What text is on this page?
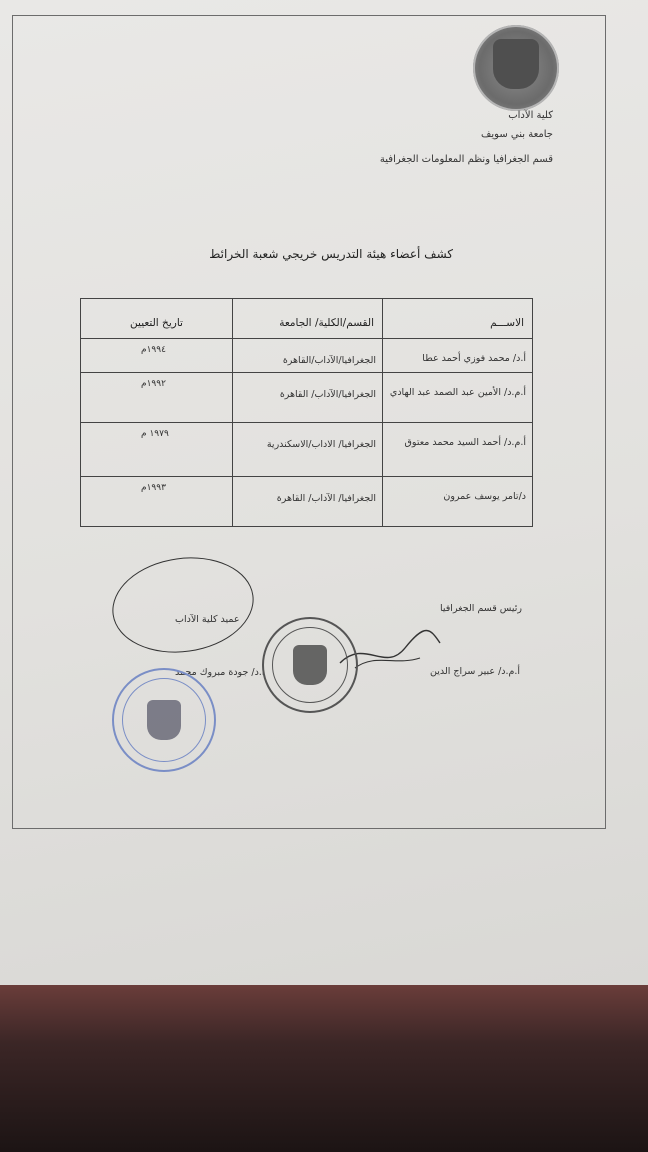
كلية الآداب
جامعة بني سويف
قسم الجغرافيا ونظم المعلومات الجغرافية
كشف أعضاء هيئة التدريس خريجي شعبة الخرائط
الاســـم	القسم/الكلية/ الجامعة	تاريخ التعيين
أ.د/ محمد فوزي أحمد عطا	الجغرافيا/الآداب/القاهرة	١٩٩٤م
أ.م.د/ الأمين عبد الصمد عبد الهادي	الجغرافيا/الآداب/ القاهرة	١٩٩٢م
أ.م.د/ أحمد السيد محمد معتوق	الجغرافيا/ الاداب/الاسكندرية	١٩٧٩ م
د/تامر يوسف عمرون	الجغرافيا/ الآداب/ القاهرة	١٩٩٣م
عميد كلية الآداب
أ.د/ جودة مبروك محمد
رئيس قسم الجغرافيا
أ.م.د/ عبير سراج الدين
